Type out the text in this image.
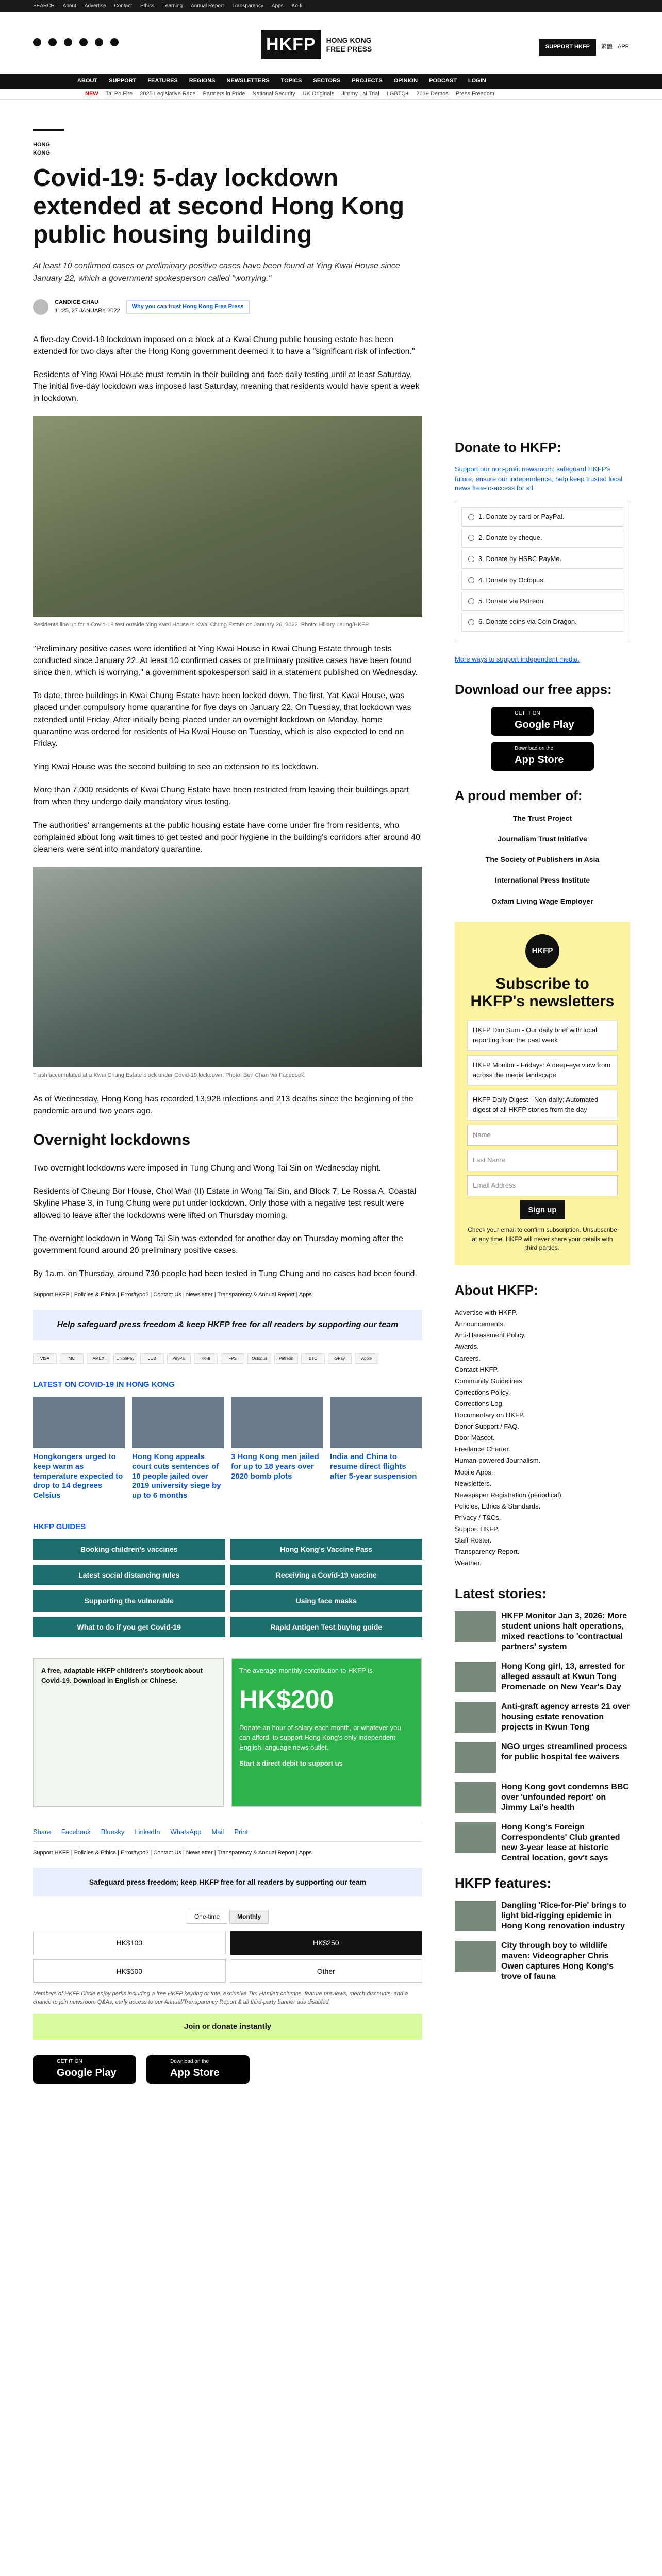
SEARCH About Advertise Contact Ethics Learning Annual Report Transparency Apps Ko-fi
HKFP	HONG KONG FREE PRESS	SUPPORT HKFP	繁體 APP
ABOUT SUPPORT FEATURES REGIONS NEWSLETTERS TOPICS SECTORS PROJECTS OPINION PODCAST LOGIN
NEW Tai Po Fire 2025 Legislative Race Partners in Pride National Security UK Originals Jimmy Lai Trial LGBTQ+ 2019 Demos Press Freedom
HONG KONG
Covid-19: 5-day lockdown extended at second Hong Kong public housing building
At least 10 confirmed cases or preliminary positive cases have been found at Ying Kwai House since January 22, which a government spokesperson called "worrying."
CANDICE CHAU
11:25, 27 JANUARY 2022
Why you can trust Hong Kong Free Press

A five-day Covid-19 lockdown imposed on a block at a Kwai Chung public housing estate has been extended for two days after the Hong Kong government deemed it to have a "significant risk of infection."

Residents of Ying Kwai House must remain in their building and face daily testing until at least Saturday. The initial five-day lockdown was imposed last Saturday, meaning that residents would have spent a week in lockdown.

Residents line up for a Covid-19 test outside Ying Kwai House in Kwai Chung Estate on January 26, 2022. Photo: Hillary Leung/HKFP.

"Preliminary positive cases were identified at Ying Kwai House in Kwai Chung Estate through tests conducted since January 22. At least 10 confirmed cases or preliminary positive cases have been found since then, which is worrying," a government spokesperson said in a statement published on Wednesday.

To date, three buildings in Kwai Chung Estate have been locked down. The first, Yat Kwai House, was placed under compulsory home quarantine for five days on January 22. On Tuesday, that lockdown was extended until Friday. After initially being placed under an overnight lockdown on Monday, home quarantine was ordered for residents of Ha Kwai House on Tuesday, which is also expected to end on Friday.

Ying Kwai House was the second building to see an extension to its lockdown.

More than 7,000 residents of Kwai Chung Estate have been restricted from leaving their buildings apart from when they undergo daily mandatory virus testing.

The authorities' arrangements at the public housing estate have come under fire from residents, who complained about long wait times to get tested and poor hygiene in the building's corridors after around 40 cleaners were sent into mandatory quarantine.

Trash accumulated at a Kwai Chung Estate block under Covid-19 lockdown. Photo: Ben Chan via Facebook.

As of Wednesday, Hong Kong has recorded 13,928 infections and 213 deaths since the beginning of the pandemic around two years ago.

Overnight lockdowns

Two overnight lockdowns were imposed in Tung Chung and Wong Tai Sin on Wednesday night.

Residents of Cheung Bor House, Choi Wan (II) Estate in Wong Tai Sin, and Block 7, Le Rossa A, Coastal Skyline Phase 3, in Tung Chung were put under lockdown. Only those with a negative test result were allowed to leave after the lockdowns were lifted on Thursday morning.

The overnight lockdown in Wong Tai Sin was extended for another day on Thursday morning after the government found around 20 preliminary positive cases.

By 1a.m. on Thursday, around 730 people had been tested in Tung Chung and no cases had been found.

Support HKFP | Policies & Ethics | Error/typo? | Contact Us | Newsletter | Transparency & Annual Report | Apps
Help safeguard press freedom & keep HKFP free for all readers by supporting our team
VISA	MC	AMEX	UnionPay	JCB	PayPal	Ko-fi	FPS	Octopus	Patreon	BTC	GPay	Apple
LATEST ON COVID-19 IN HONG KONG
Hongkongers urged to keep warm as temperature expected to drop to 14 degrees Celsius
Hong Kong appeals court cuts sentences of 10 people jailed over 2019 university siege by up to 6 months
3 Hong Kong men jailed for up to 18 years over 2020 bomb plots
India and China to resume direct flights after 5-year suspension
HKFP GUIDES
Booking children's vaccines	Hong Kong's Vaccine Pass
Latest social distancing rules	Receiving a Covid-19 vaccine
Supporting the vulnerable	Using face masks
What to do if you get Covid-19	Rapid Antigen Test buying guide
A free, adaptable HKFP children's storybook about Covid-19. Download in English or Chinese.
The average monthly contribution to HKFP is
HK$200
Donate an hour of salary each month, or whatever you can afford, to support Hong Kong's only independent English-language news outlet.
Start a direct debit to support us
Share Facebook Bluesky LinkedIn WhatsApp Mail Print
Support HKFP | Policies & Ethics | Error/typo? | Contact Us | Newsletter | Transparency & Annual Report | Apps
Safeguard press freedom; keep HKFP free for all readers by supporting our team
One-time	Monthly
HK$100	HK$250
HK$500	Other
Members of HKFP Circle enjoy perks including a free HKFP keyring or tote, exclusive Tim Hamlett columns, feature previews, merch discounts, and a chance to join newsroom Q&As, early access to our Annual/Transparency Report & all third-party banner ads disabled.
Join or donate instantly
GET IT ON
Google Play
Download on the
App Store
Donate to HKFP:
Support our non-profit newsroom: safeguard HKFP's future, ensure our independence, help keep trusted local news free-to-access for all.
1. Donate by card or PayPal.
2. Donate by cheque.
3. Donate by HSBC PayMe.
4. Donate by Octopus.
5. Donate via Patreon.
6. Donate coins via Coin Dragon.
More ways to support independent media.
Download our free apps:
GET IT ON
Google Play
Download on the
App Store
A proud member of:
The Trust Project
Journalism Trust Initiative
The Society of Publishers in Asia
International Press Institute
Oxfam Living Wage Employer
HKFP
Subscribe to HKFP's newsletters
HKFP Dim Sum - Our daily brief with local reporting from the past week
HKFP Monitor - Fridays: A deep-eye view from across the media landscape
HKFP Daily Digest - Non-daily: Automated digest of all HKFP stories from the day
Name
Last Name
Email Address
Sign up
Check your email to confirm subscription. Unsubscribe at any time. HKFP will never share your details with third parties.
About HKFP:
Advertise with HKFP.
Announcements.
Anti-Harassment Policy.
Awards.
Careers.
Contact HKFP.
Community Guidelines.
Corrections Policy.
Corrections Log.
Documentary on HKFP.
Donor Support / FAQ.
Door Mascot.
Freelance Charter.
Human-powered Journalism.
Mobile Apps.
Newsletters.
Newspaper Registration (periodical).
Policies, Ethics & Standards.
Privacy / T&Cs.
Support HKFP.
Staff Roster.
Transparency Report.
Weather.
Latest stories:
HKFP Monitor Jan 3, 2026: More student unions halt operations, mixed reactions to 'contractual partners' system
Hong Kong girl, 13, arrested for alleged assault at Kwun Tong Promenade on New Year's Day
Anti-graft agency arrests 21 over housing estate renovation projects in Kwun Tong
NGO urges streamlined process for public hospital fee waivers
Hong Kong govt condemns BBC over 'unfounded report' on Jimmy Lai's health
Hong Kong's Foreign Correspondents' Club granted new 3-year lease at historic Central location, gov't says
HKFP features:
Dangling 'Rice-for-Pie' brings to light bid-rigging epidemic in Hong Kong renovation industry
City through boy to wildlife maven: Videographer Chris Owen captures Hong Kong's trove of fauna
